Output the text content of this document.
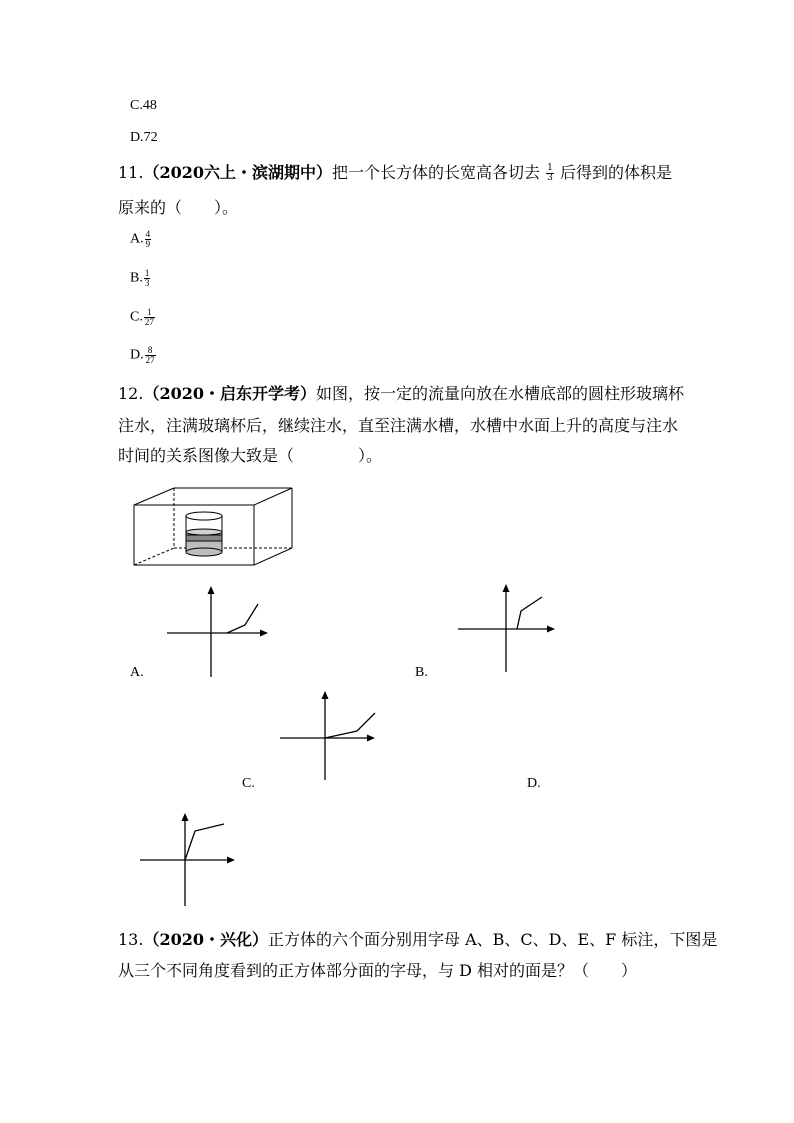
C.48
D.72
11.（2020六上・滨湖期中）把一个长方体的长宽高各切去 $\frac{1}{3}$ 后得到的体积是
原来的（　　）。
A. $\frac{4}{9}$
B. $\frac{1}{3}$
C. $\frac{1}{27}$
D. $\frac{8}{27}$
12.（2020・启东开学考）如图，按一定的流量向放在水槽底部的圆柱形玻璃杯
注水，注满玻璃杯后，继续注水，直至注满水槽，水槽中水面上升的高度与注水
时间的关系图像大致是（　　　　）。
A.	B.
C.	D.
13.（2020・兴化）正方体的六个面分别用字母 A、B、C、D、E、F 标注，下图是
从三个不同角度看到的正方体部分面的字母，与 D 相对的面是？（　　）
